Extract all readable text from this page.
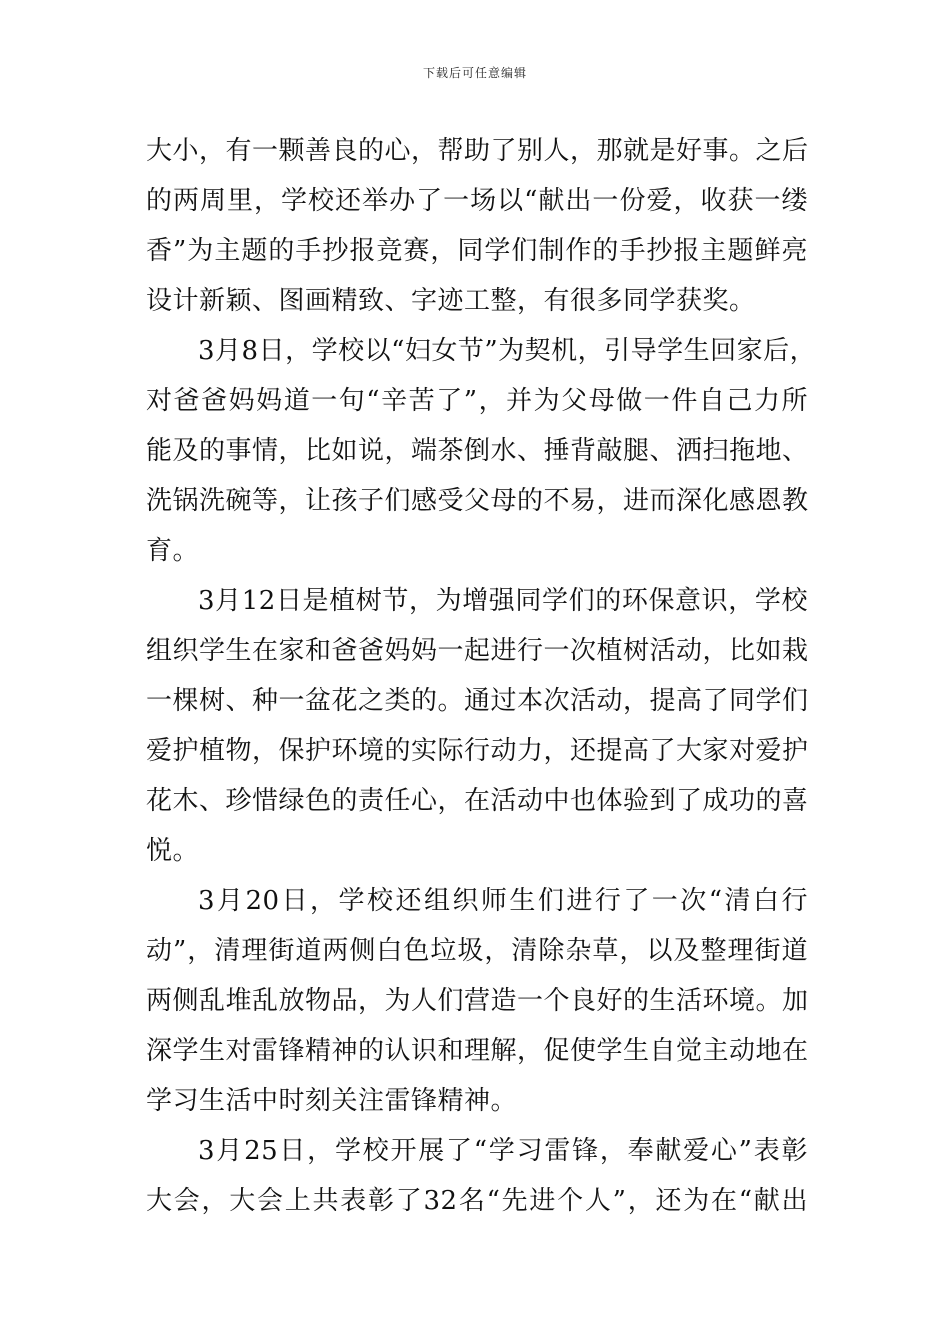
下载后可任意编辑
大小，有一颗善良的心，帮助了别人，那就是好事。之后
的两周里，学校还举办了一场以“献出一份爱，收获一缕
香”为主题的手抄报竞赛，同学们制作的手抄报主题鲜亮
设计新颖、图画精致、字迹工整，有很多同学获奖。
3月8日，学校以“妇女节”为契机，引导学生回家后，
对爸爸妈妈道一句“辛苦了”，并为父母做一件自己力所
能及的事情，比如说，端茶倒水、捶背敲腿、洒扫拖地、
洗锅洗碗等，让孩子们感受父母的不易，进而深化感恩教
育。
3月12日是植树节，为增强同学们的环保意识，学校
组织学生在家和爸爸妈妈一起进行一次植树活动，比如栽
一棵树、种一盆花之类的。通过本次活动，提高了同学们
爱护植物，保护环境的实际行动力，还提高了大家对爱护
花木、珍惜绿色的责任心，在活动中也体验到了成功的喜
悦。
3月20日，学校还组织师生们进行了一次“清白行
动”，清理街道两侧白色垃圾，清除杂草，以及整理街道
两侧乱堆乱放物品，为人们营造一个良好的生活环境。加
深学生对雷锋精神的认识和理解，促使学生自觉主动地在
学习生活中时刻关注雷锋精神。
3月25日，学校开展了“学习雷锋，奉献爱心”表彰
大会，大会上共表彰了32名“先进个人”，还为在“献出
